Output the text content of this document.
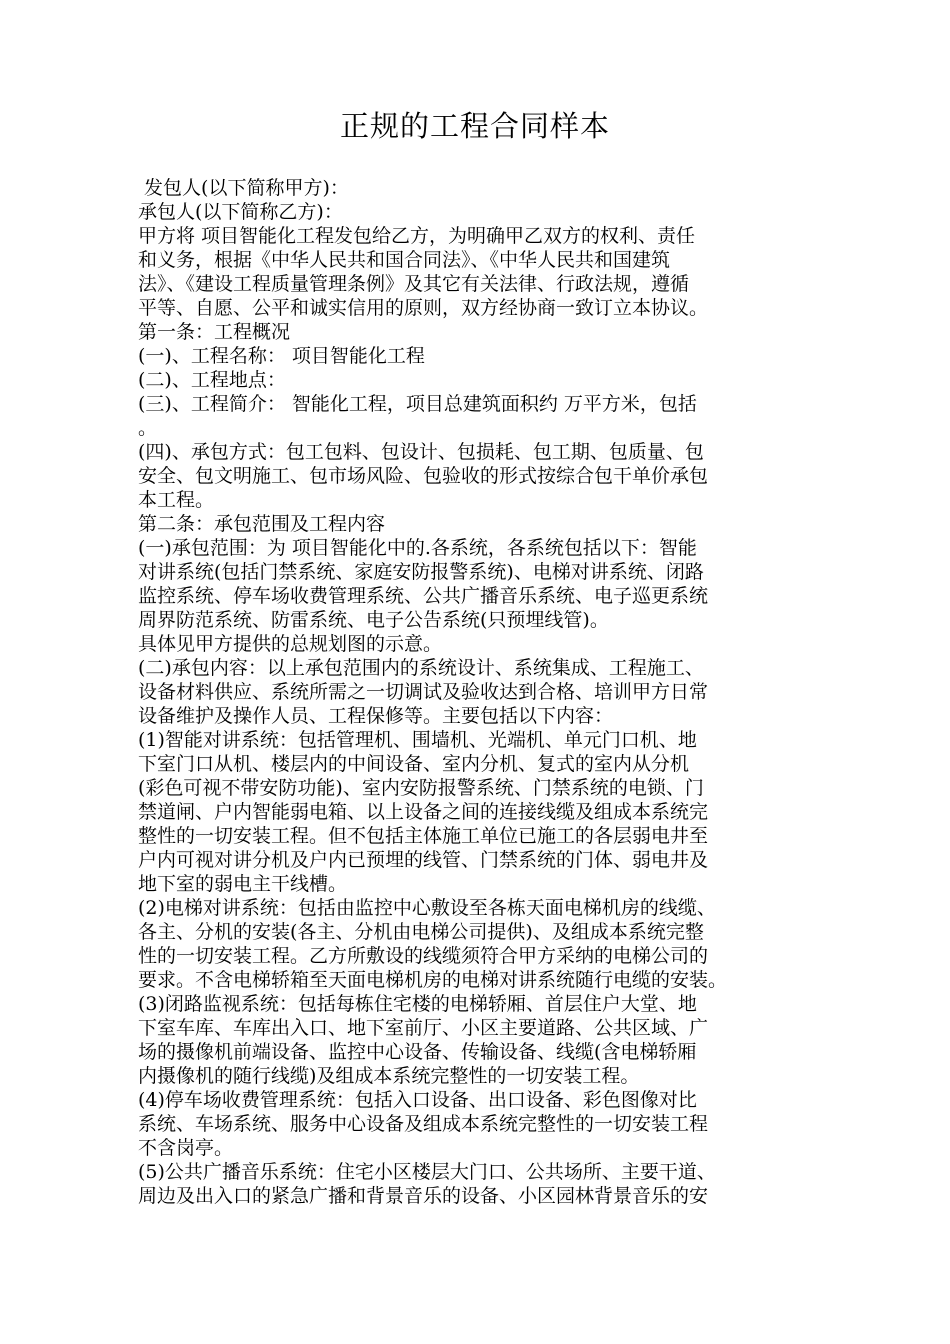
正规的工程合同样本
发包人(以下简称甲方)：
承包人(以下简称乙方)：
甲方将 项目智能化工程发包给乙方，为明确甲乙双方的权利、责任
和义务，根据《中华人民共和国合同法》、《中华人民共和国建筑
法》、《建设工程质量管理条例》及其它有关法律、行政法规，遵循
平等、自愿、公平和诚实信用的原则，双方经协商一致订立本协议。
第一条：工程概况
(一)、工程名称： 项目智能化工程
(二)、工程地点：
(三)、工程简介： 智能化工程，项目总建筑面积约 万平方米，包括
。
(四)、承包方式：包工包料、包设计、包损耗、包工期、包质量、包
安全、包文明施工、包市场风险、包验收的形式按综合包干单价承包
本工程。
第二条：承包范围及工程内容
(一)承包范围：为 项目智能化中的.各系统，各系统包括以下：智能
对讲系统(包括门禁系统、家庭安防报警系统)、电梯对讲系统、闭路
监控系统、停车场收费管理系统、公共广播音乐系统、电子巡更系统
周界防范系统、防雷系统、电子公告系统(只预埋线管)。
具体见甲方提供的总规划图的示意。
(二)承包内容：以上承包范围内的系统设计、系统集成、工程施工、
设备材料供应、系统所需之一切调试及验收达到合格、培训甲方日常
设备维护及操作人员、工程保修等。主要包括以下内容：
(1)智能对讲系统：包括管理机、围墙机、光端机、单元门口机、地
下室门口从机、楼层内的中间设备、室内分机、复式的室内从分机
(彩色可视不带安防功能)、室内安防报警系统、门禁系统的电锁、门
禁道闸、户内智能弱电箱、以上设备之间的连接线缆及组成本系统完
整性的一切安装工程。但不包括主体施工单位已施工的各层弱电井至
户内可视对讲分机及户内已预埋的线管、门禁系统的门体、弱电井及
地下室的弱电主干线槽。
(2)电梯对讲系统：包括由监控中心敷设至各栋天面电梯机房的线缆、
各主、分机的安装(各主、分机由电梯公司提供)、及组成本系统完整
性的一切安装工程。乙方所敷设的线缆须符合甲方采纳的电梯公司的
要求。不含电梯轿箱至天面电梯机房的电梯对讲系统随行电缆的安装。
(3)闭路监视系统：包括每栋住宅楼的电梯轿厢、首层住户大堂、地
下室车库、车库出入口、地下室前厅、小区主要道路、公共区域、广
场的摄像机前端设备、监控中心设备、传输设备、线缆(含电梯轿厢
内摄像机的随行线缆)及组成本系统完整性的一切安装工程。
(4)停车场收费管理系统：包括入口设备、出口设备、彩色图像对比
系统、车场系统、服务中心设备及组成本系统完整性的一切安装工程
不含岗亭。
(5)公共广播音乐系统：住宅小区楼层大门口、公共场所、主要干道、
周边及出入口的紧急广播和背景音乐的设备、小区园林背景音乐的安
